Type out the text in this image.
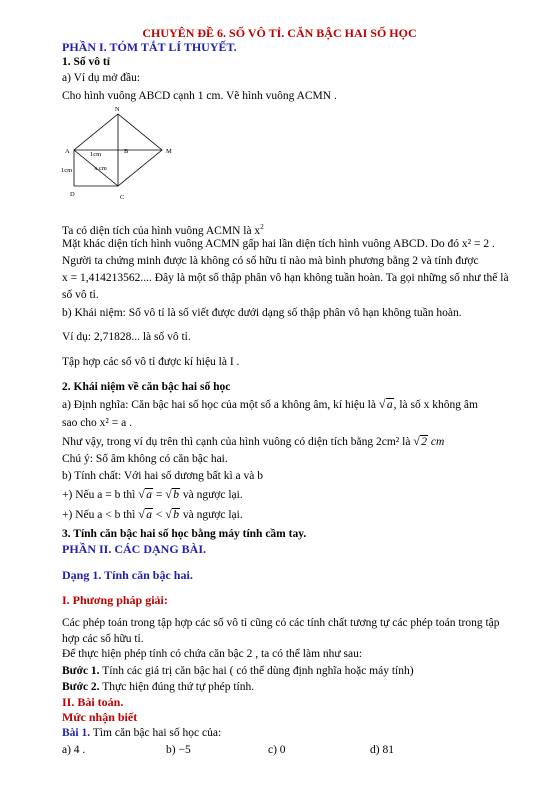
CHUYÊN ĐỀ 6. SỐ VÔ TỈ. CĂN BẬC HAI SỐ HỌC
PHẦN I. TÓM TẮT LÍ THUYẾT.
1. Số vô tỉ
a) Ví dụ mở đầu:
Cho hình vuông ABCD cạnh 1 cm. Vẽ hình vuông ACMN .
N
A	B	M
D	C
1cm
1cm	x cm
Ta có diện tích của hình vuông ACMN là $x^2$
Mặt khác diện tích hình vuông ACMN gấp hai lần diện tích hình vuông ABCD. Do đó x² = 2 .
Người ta chứng minh được là không có số hữu tỉ nào mà bình phương bằng 2 và tính được
x = 1,414213562.... Đây là một số thập phân vô hạn không tuần hoàn. Ta gọi những số như thế là
số vô tỉ.
b) Khái niệm: Số vô tỉ là số viết được dưới dạng số thập phân vô hạn không tuần hoàn.
Ví dụ: 2,71828... là số vô tỉ.
Tập hợp các số vô tỉ được kí hiệu là I .
2. Khái niệm về căn bậc hai số học
a) Định nghĩa: Căn bậc hai số học của một số a không âm, kí hiệu là √ a, là số x không âm
sao cho x² = a .
Như vậy, trong ví dụ trên thì cạnh của hình vuông có diện tích bằng 2cm² là √ 2 cm
Chú ý: Số âm không có căn bậc hai.
b) Tính chất: Với hai số dương bất kì a và b
+) Nếu a = b thì √ a = √ b và ngược lại.
+) Nếu a < b thì √ a < √ b và ngược lại.
3. Tính căn bậc hai số học bằng máy tính cầm tay.
PHẦN II. CÁC DẠNG BÀI.
Dạng 1. Tính căn bậc hai.
I. Phương pháp giải:
Các phép toán trong tập hợp các số vô tỉ cũng có các tính chất tương tự các phép toán trong tập
hợp các số hữu tỉ.
Để thực hiện phép tính có chứa căn bậc 2 , ta có thể làm như sau:
Bước 1. Tính các giá trị căn bậc hai ( có thể dùng định nghĩa hoặc máy tính)
Bước 2. Thực hiện đúng thứ tự phép tính.
II. Bài toán.
Mức nhận biết
Bài 1. Tìm căn bậc hai số học của:
a) 4 .	b) −5	c) 0	d) 81
